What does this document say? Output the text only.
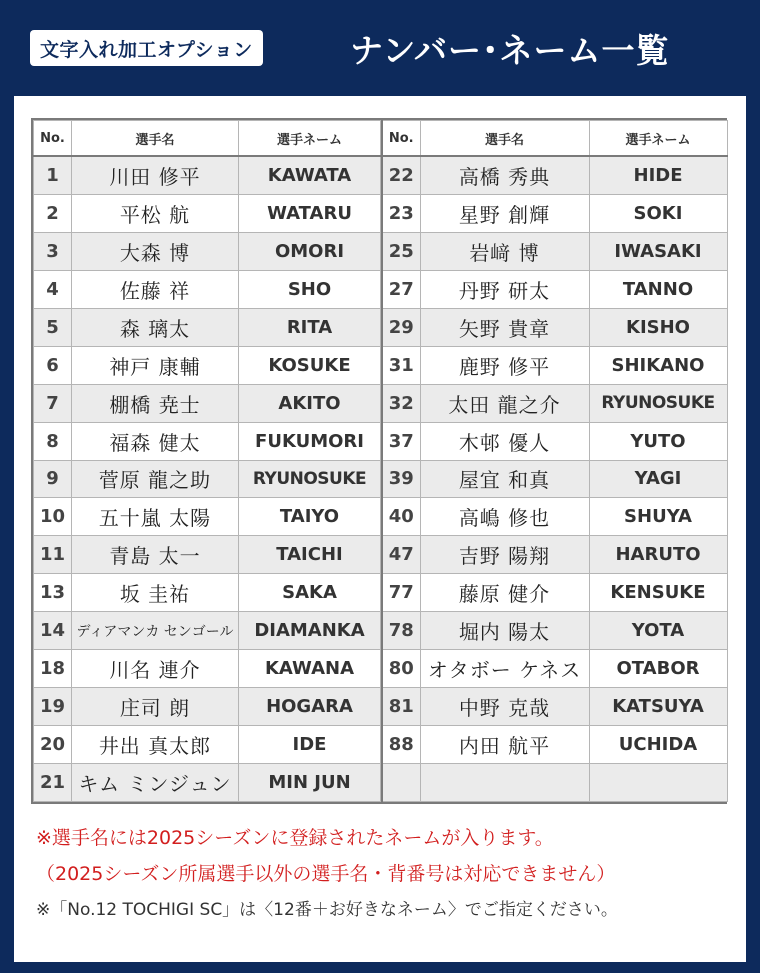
文字入れ加工オプション	ナンバー･ネーム一覧
No.	選手名	選手ネーム
1	川田 修平	KAWATA
2	平松 航	WATARU
3	大森 博	OMORI
4	佐藤 祥	SHO
5	森 璃太	RITA
6	神戸 康輔	KOSUKE
7	棚橋 尭士	AKITO
8	福森 健太	FUKUMORI
9	菅原 龍之助	RYUNOSUKE
10	五十嵐 太陽	TAIYO
11	青島 太一	TAICHI
13	坂 圭祐	SAKA
14	ディアマンカ センゴール	DIAMANKA
18	川名 連介	KAWANA
19	庄司 朗	HOGARA
20	井出 真太郎	IDE
21	キム ミンジュン	MIN JUN
No.	選手名	選手ネーム
22	高橋 秀典	HIDE
23	星野 創輝	SOKI
25	岩﨑 博	IWASAKI
27	丹野 研太	TANNO
29	矢野 貴章	KISHO
31	鹿野 修平	SHIKANO
32	太田 龍之介	RYUNOSUKE
37	木邨 優人	YUTO
39	屋宜 和真	YAGI
40	高嶋 修也	SHUYA
47	吉野 陽翔	HARUTO
77	藤原 健介	KENSUKE
78	堀内 陽太	YOTA
80	オタボー ケネス	OTABOR
81	中野 克哉	KATSUYA
88	内田 航平	UCHIDA

※選手名には2025シーズンに登録されたネームが入ります。
（2025シーズン所属選手以外の選手名・背番号は対応できません）
※「No.12 TOCHIGI SC」は〈12番＋お好きなネーム〉でご指定ください。
